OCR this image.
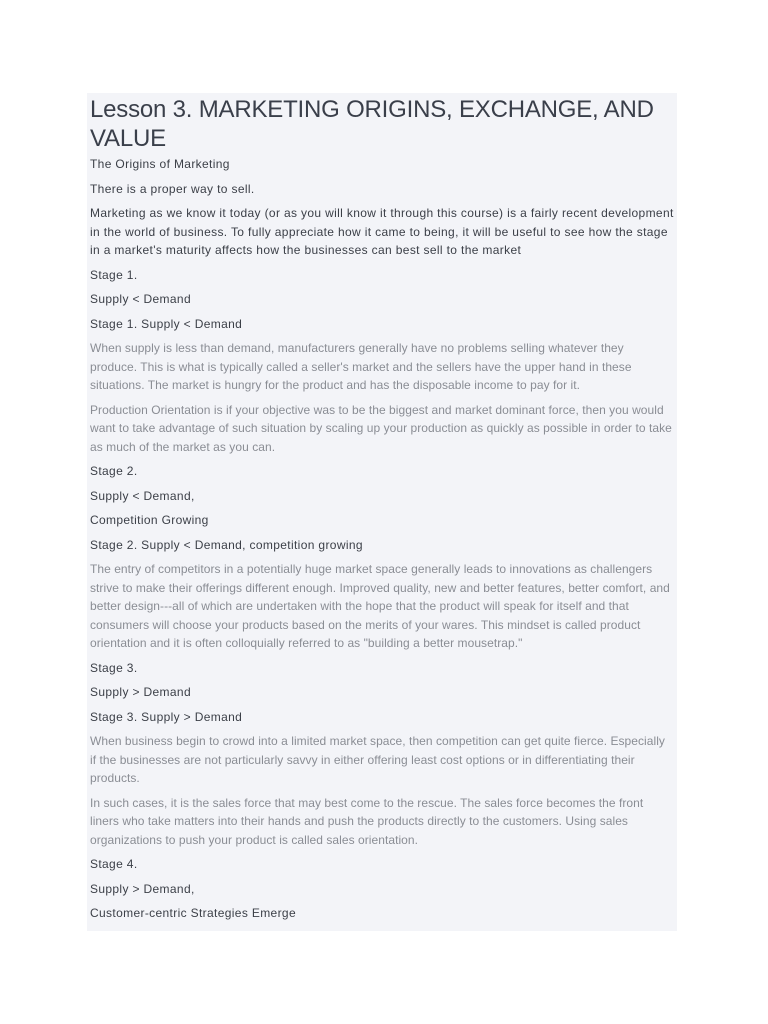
Lesson 3. MARKETING ORIGINS, EXCHANGE, AND VALUE

The Origins of Marketing

There is a proper way to sell.

Marketing as we know it today (or as you will know it through this course) is a fairly recent development in the world of business. To fully appreciate how it came to being, it will be useful to see how the stage in a market's maturity affects how the businesses can best sell to the market

Stage 1.

Supply < Demand

Stage 1. Supply < Demand

When supply is less than demand, manufacturers generally have no problems selling whatever they produce. This is what is typically called a seller's market and the sellers have the upper hand in these situations. The market is hungry for the product and has the disposable income to pay for it.

Production Orientation is if your objective was to be the biggest and market dominant force, then you would want to take advantage of such situation by scaling up your production as quickly as possible in order to take as much of the market as you can.

Stage 2.

Supply < Demand,

Competition Growing

Stage 2. Supply < Demand, competition growing

The entry of competitors in a potentially huge market space generally leads to innovations as challengers strive to make their offerings different enough. Improved quality, new and better features, better comfort, and better design---all of which are undertaken with the hope that the product will speak for itself and that consumers will choose your products based on the merits of your wares. This mindset is called product orientation and it is often colloquially referred to as "building a better mousetrap."

Stage 3.

Supply > Demand

Stage 3. Supply > Demand

When business begin to crowd into a limited market space, then competition can get quite fierce. Especially if the businesses are not particularly savvy in either offering least cost options or in differentiating their products.

In such cases, it is the sales force that may best come to the rescue. The sales force becomes the front liners who take matters into their hands and push the products directly to the customers. Using sales organizations to push your product is called sales orientation.

Stage 4.

Supply > Demand,

Customer-centric Strategies Emerge
